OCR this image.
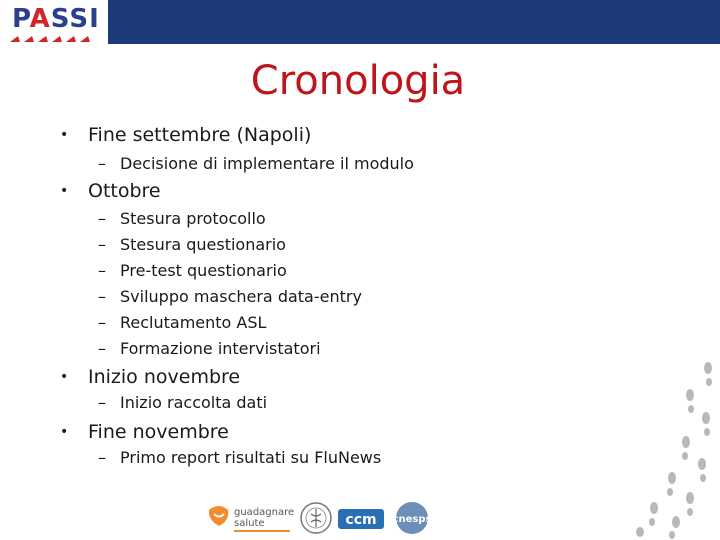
PASSI
Cronologia
• Fine settembre (Napoli)
– Decisione di implementare il modulo
• Ottobre
– Stesura protocollo
– Stesura questionario
– Pre-test questionario
– Sviluppo maschera data-entry
– Reclutamento ASL
– Formazione intervistatori
• Inizio novembre
– Inizio raccolta dati
• Fine novembre
– Primo report risultati su FluNews
guadagnare
salute	ccm cnesps
